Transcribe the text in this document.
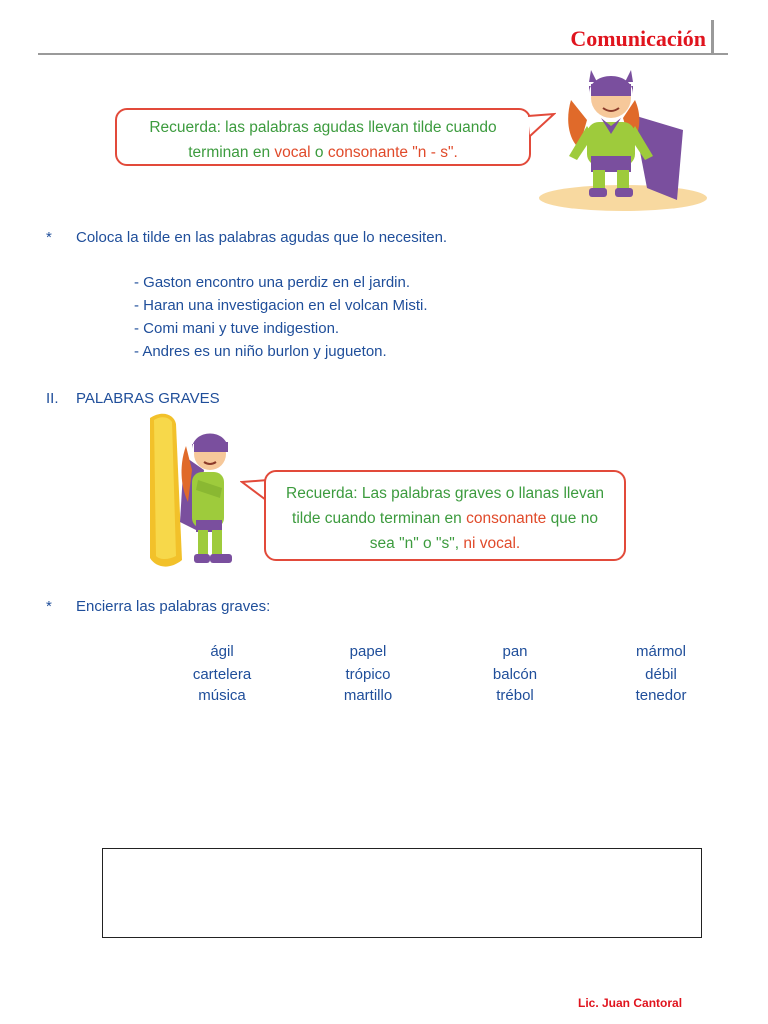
Comunicación
Recuerda: las palabras agudas llevan tilde cuando
terminan en vocal o consonante "n - s".
* Coloca la tilde en las palabras agudas que lo necesiten.
- Gaston encontro una perdiz en el jardin.
- Haran una investigacion en el volcan Misti.
- Comi mani y tuve indigestion.
- Andres es un niño burlon y jugueton.
II. PALABRAS GRAVES
Recuerda: Las palabras graves o llanas llevan
tilde cuando terminan en consonante que no
sea "n" o "s", ni vocal.
* Encierra las palabras graves:
ágil	papel	pan	mármol
cartelera	trópico	balcón	débil
música	martillo	trébol	tenedor
Lic. Juan Cantoral
